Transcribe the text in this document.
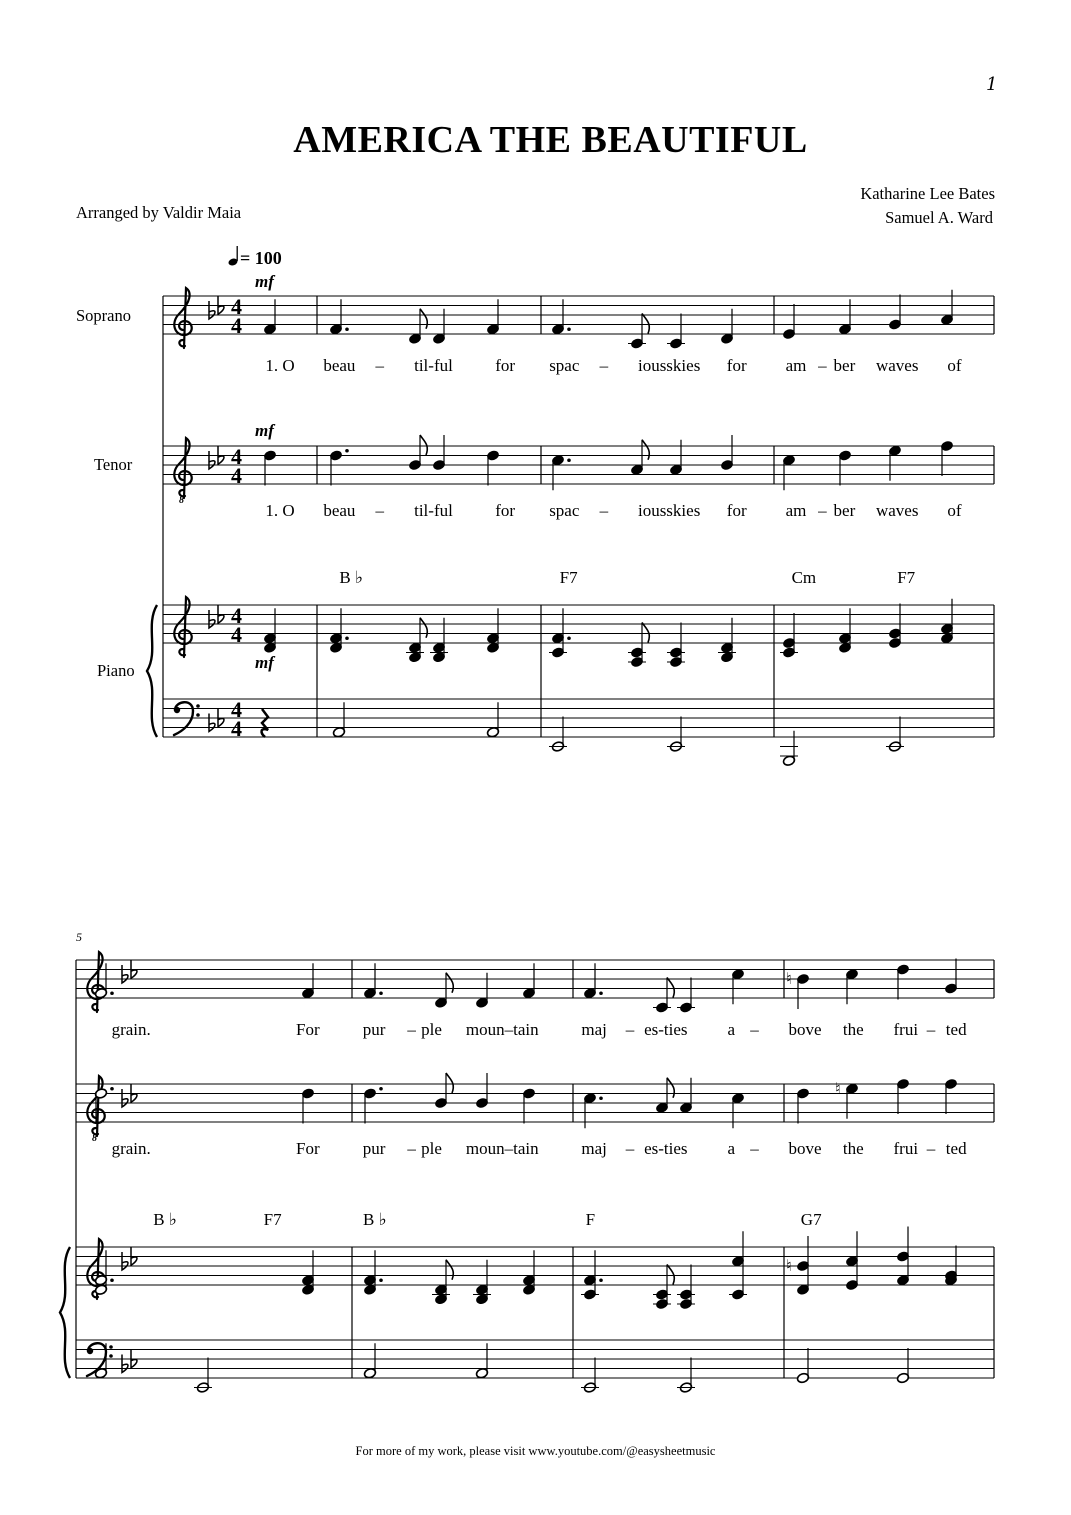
1
AMERICA THE BEAUTIFUL
Arranged by Valdir Maia
Katharine Lee Bates
Samuel A. Ward
= 100
Soprano
Tenor
Piano
5
For more of my work, please visit www.youtube.com/@easysheetmusic
8
4
4
4
4
4
4
4
4
1. O
1. O
beau
beau
–
–
til-ful
til-ful
for
for
spac
spac
–
–
iousskies
iousskies
for
for
am
am
–
–
ber
ber
waves
waves
of
of
B ♭	F7	Cm	F7
8
grain.
grain.
For
For
pur
pur
–
–
ple
ple
moun–tain
moun–tain
maj
maj
–
–
es-ties
es-ties
a
a
–
–
bove
bove
the
the
frui
frui
–
–
ted
ted
B ♭	F7	B ♭	F	G7
mf
mf
mf
♮
♮
♮
